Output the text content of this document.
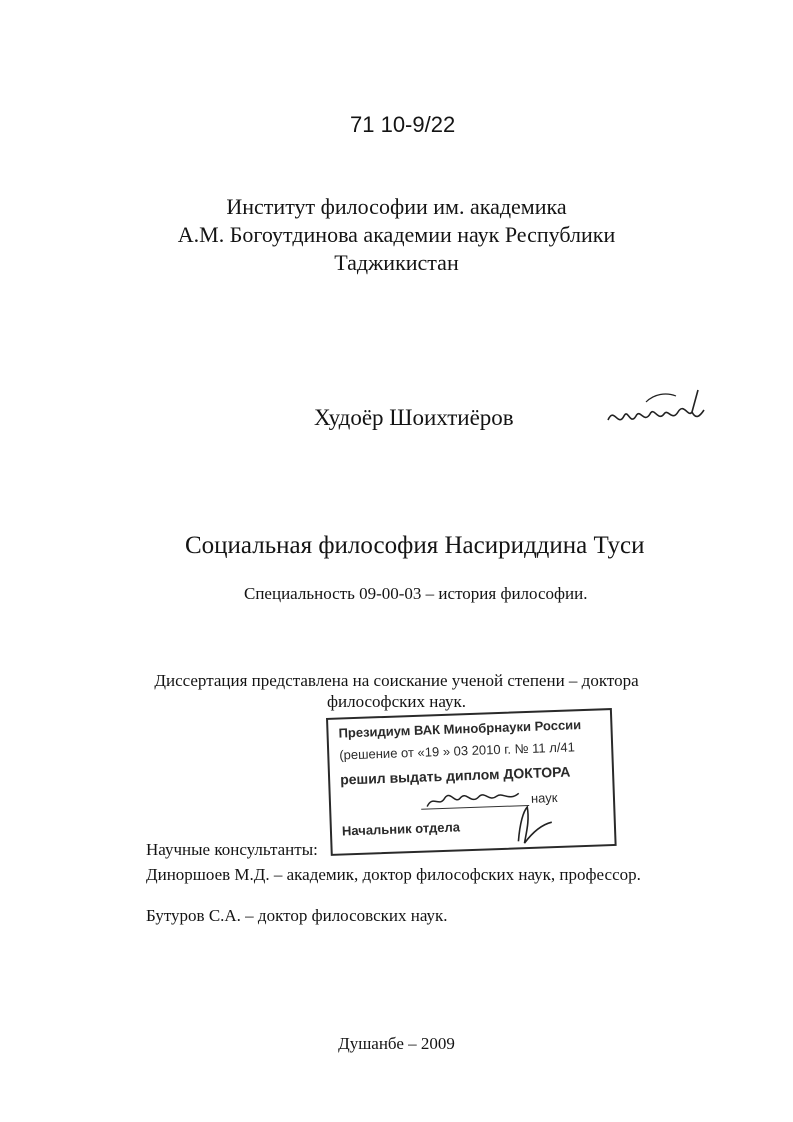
71 10-9/22
Институт философии им. академика
А.М. Богоутдинова академии наук Республики
Таджикистан
Худоёр Шоихтиёров
Социальная философия Насириддина Туси
Специальность 09-00-03 – история философии.
Диссертация представлена на соискание ученой степени – доктора
философских наук.
Президиум ВАК Минобрнауки России
(решение от «19 » 03 2010 г. № 11 л/41
решил выдать диплом ДОКТОРА
наук
Начальник отдела
Научные консультанты:
Диноршоев М.Д. – академик, доктор философских наук, профессор.
Бутуров С.А. – доктор филосовских наук.
Душанбе – 2009
